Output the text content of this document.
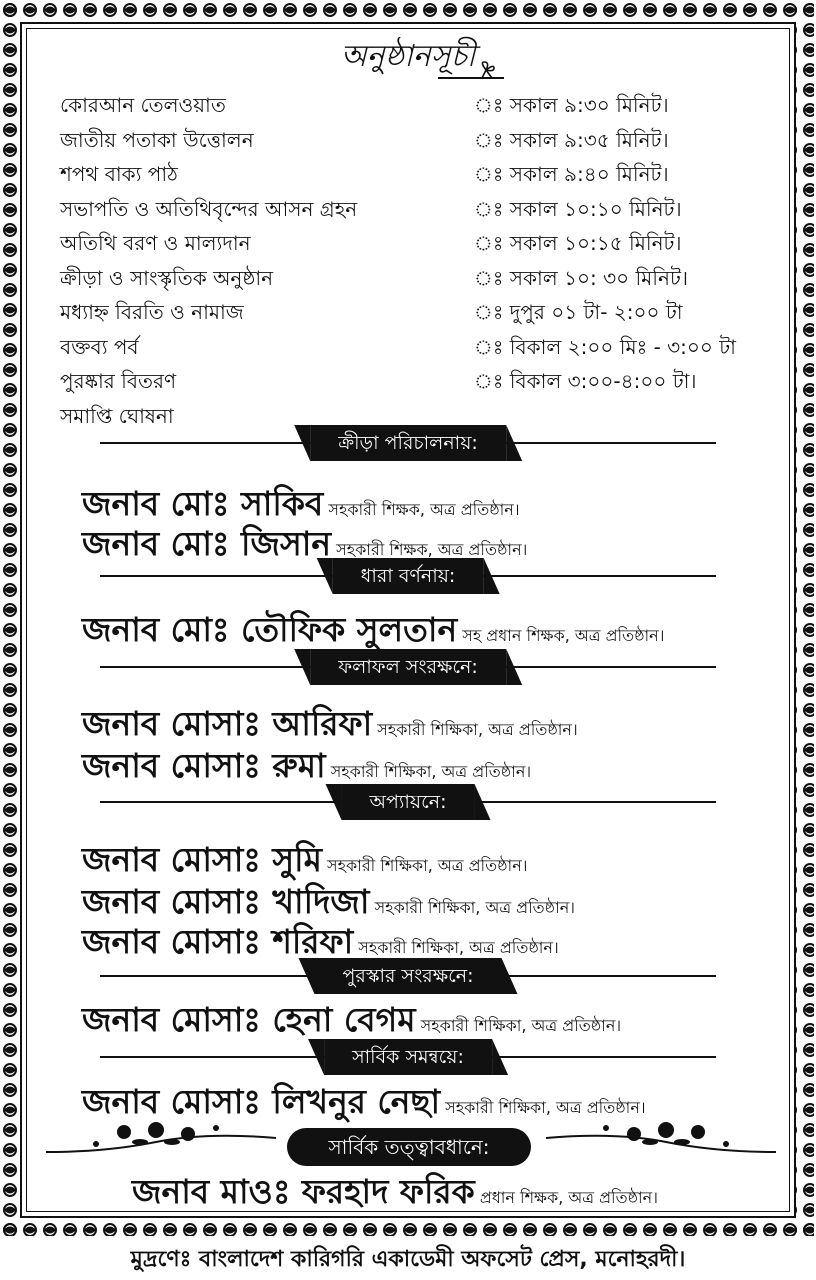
অনুষ্ঠানসূচী
কোরআন তেলওয়াত	ঃ সকাল ৯:৩০ মিনিট।
জাতীয় পতাকা উত্তোলন	ঃ সকাল ৯:৩৫ মিনিট।
শপথ বাক্য পাঠ	ঃ সকাল ৯:৪০ মিনিট।
সভাপতি ও অতিথিবৃন্দের আসন গ্রহন	ঃ সকাল ১০:১০ মিনিট।
অতিথি বরণ ও মাল্যদান	ঃ সকাল ১০:১৫ মিনিট।
ক্রীড়া ও সাংস্কৃতিক অনুষ্ঠান	ঃ সকাল ১০: ৩০ মিনিট।
মধ্যাহ্ন বিরতি ও নামাজ	ঃ দুপুর ০১ টা- ২:০০ টা
বক্তব্য পর্ব	ঃ বিকাল ২:০০ মিঃ - ৩:০০ টা
পুরষ্কার বিতরণ	ঃ বিকাল ৩:০০-৪:০০ টা।
সমাপ্তি ঘোষনা
ক্রীড়া পরিচালনায়:
ধারা বর্ণনায়:
ফলাফল সংরক্ষনে:
অপ্যায়নে:
পুরস্কার সংরক্ষনে:
সার্বিক সমন্বয়ে:
জনাব মোঃ সাকিব সহকারী শিক্ষক, অত্র প্রতিষ্ঠান।
জনাব মোঃ জিসান সহকারী শিক্ষক, অত্র প্রতিষ্ঠান।
জনাব মোঃ তৌফিক সুলতান সহ প্রধান শিক্ষক, অত্র প্রতিষ্ঠান।
জনাব মোসাঃ আরিফা সহকারী শিক্ষিকা, অত্র প্রতিষ্ঠান।
জনাব মোসাঃ রুমা সহকারী শিক্ষিকা, অত্র প্রতিষ্ঠান।
জনাব মোসাঃ সুমি সহকারী শিক্ষিকা, অত্র প্রতিষ্ঠান।
জনাব মোসাঃ খাদিজা সহকারী শিক্ষিকা, অত্র প্রতিষ্ঠান।
জনাব মোসাঃ শরিফা সহকারী শিক্ষিকা, অত্র প্রতিষ্ঠান।
জনাব মোসাঃ হেনা বেগম সহকারী শিক্ষিকা, অত্র প্রতিষ্ঠান।
জনাব মোসাঃ লিখনুর নেছা সহকারী শিক্ষিকা, অত্র প্রতিষ্ঠান।
সার্বিক তত্ত্বাবধানে:
জনাব মাওঃ ফরহাদ ফরিক প্রধান শিক্ষক, অত্র প্রতিষ্ঠান।
মুদ্রণেঃ বাংলাদেশ কারিগরি একাডেমী অফসেট প্রেস, মনোহরদী।
